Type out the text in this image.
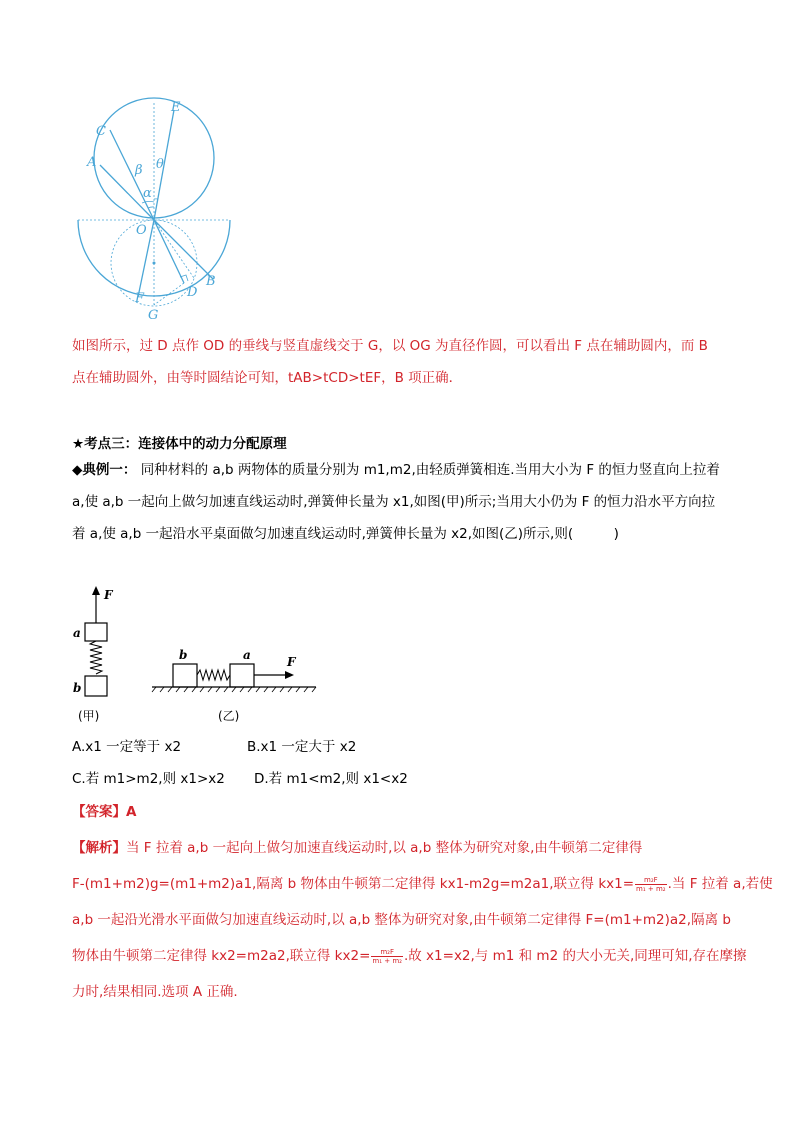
E
C
A
β θ
α
O
B
D
F
G
如图所示，过 D 点作 OD 的垂线与竖直虚线交于 G，以 OG 为直径作圆，可以看出 F 点在辅助圆内，而 B
点在辅助圆外，由等时圆结论可知，tAB>tCD>tEF，B 项正确．
★考点三：连接体中的动力分配原理
◆典例一： 同种材料的 a,b 两物体的质量分别为 m1,m2,由轻质弹簧相连.当用大小为 F 的恒力竖直向上拉着
a,使 a,b 一起向上做匀加速直线运动时,弹簧伸长量为 x1,如图(甲)所示;当用大小仍为 F 的恒力沿水平方向拉
着 a,使 a,b 一起沿水平桌面做匀加速直线运动时,弹簧伸长量为 x2,如图(乙)所示,则(　　　)
F
a
b
b	a	F
(甲)	(乙)
A.x1 一定等于 x2	B.x1 一定大于 x2
C.若 m1>m2,则 x1>x2 D.若 m1<m2,则 x1<x2
【答案】A
【解析】当 F 拉着 a,b 一起向上做匀加速直线运动时,以 a,b 整体为研究对象,由牛顿第二定律得
F-(m1+m2)g=(m1+m2)a1,隔离 b 物体由牛顿第二定律得 kx1-m2g=m2a1,联立得 $kx1= \frac{\text{m₂F}}{\text{m₁ + m₂}}$ .当 F 拉着 a,若使
a,b 一起沿光滑水平面做匀加速直线运动时,以 a,b 整体为研究对象,由牛顿第二定律得 F=(m1+m2)a2,隔离 b
物体由牛顿第二定律得 kx2=m2a2,联立得 $kx2= \frac{\text{m₂F}}{\text{m₁ + m₂}}$ .故 x1=x2,与 m1 和 m2 的大小无关,同理可知,存在摩擦
力时,结果相同.选项 A 正确.
